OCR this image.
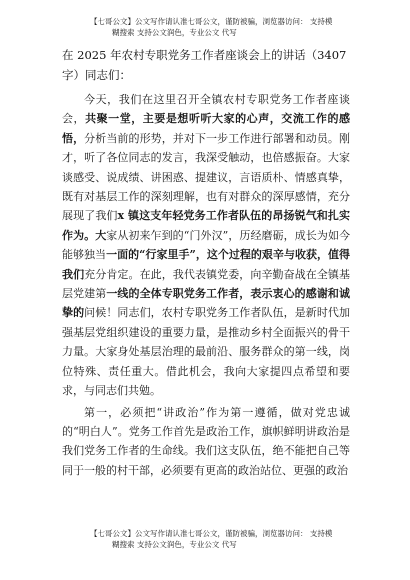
【七哥公文】公文写作请认准七哥公文，谨防被骗，浏览器访问： 支持模
糊搜索 支持公文润色，专业公文 代写
在 2025 年农村专职党务工作者座谈会上的讲话（3407
字）同志们：

今天，我们在这里召开全镇农村专职党务工作者座谈会，共聚一堂，主要是想听听大家的心声，交流工作的感悟，分析当前的形势，并对下一步工作进行部署和动员。刚才，听了各位同志的发言，我深受触动，也倍感振奋。大家谈感受、说成绩、讲困惑、提建议，言语质朴、情感真挚，既有对基层工作的深刻理解，也有对群众的深厚感情，充分展现了我们x 镇这支年轻党务工作者队伍的昂扬锐气和扎实作为。大家从初来乍到的“门外汉”，历经磨砺，成长为如今能够独当一面的“行家里手”，这个过程的艰辛与收获，值得我们充分肯定。在此，我代表镇党委，向辛勤奋战在全镇基层党建第一线的全体专职党务工作者，表示衷心的感谢和诚挚的问候！同志们，农村专职党务工作者队伍，是新时代加强基层党组织建设的重要力量，是推动乡村全面振兴的骨干力量。大家身处基层治理的最前沿、服务群众的第一线，岗位特殊、责任重大。借此机会，我向大家提四点希望和要求，与同志们共勉。

第一，必须把“讲政治”作为第一遵循，做对党忠诚的“明白人”。党务工作首先是政治工作，旗帜鲜明讲政治是我们党务工作者的生命线。我们这支队伍，绝不能把自己等同于一般的村干部，必须要有更高的政治站位、更强的政治

【七哥公文】公文写作请认准七哥公文，谨防被骗，浏览器访问： 支持模
糊搜索 支持公文润色，专业公文 代写
